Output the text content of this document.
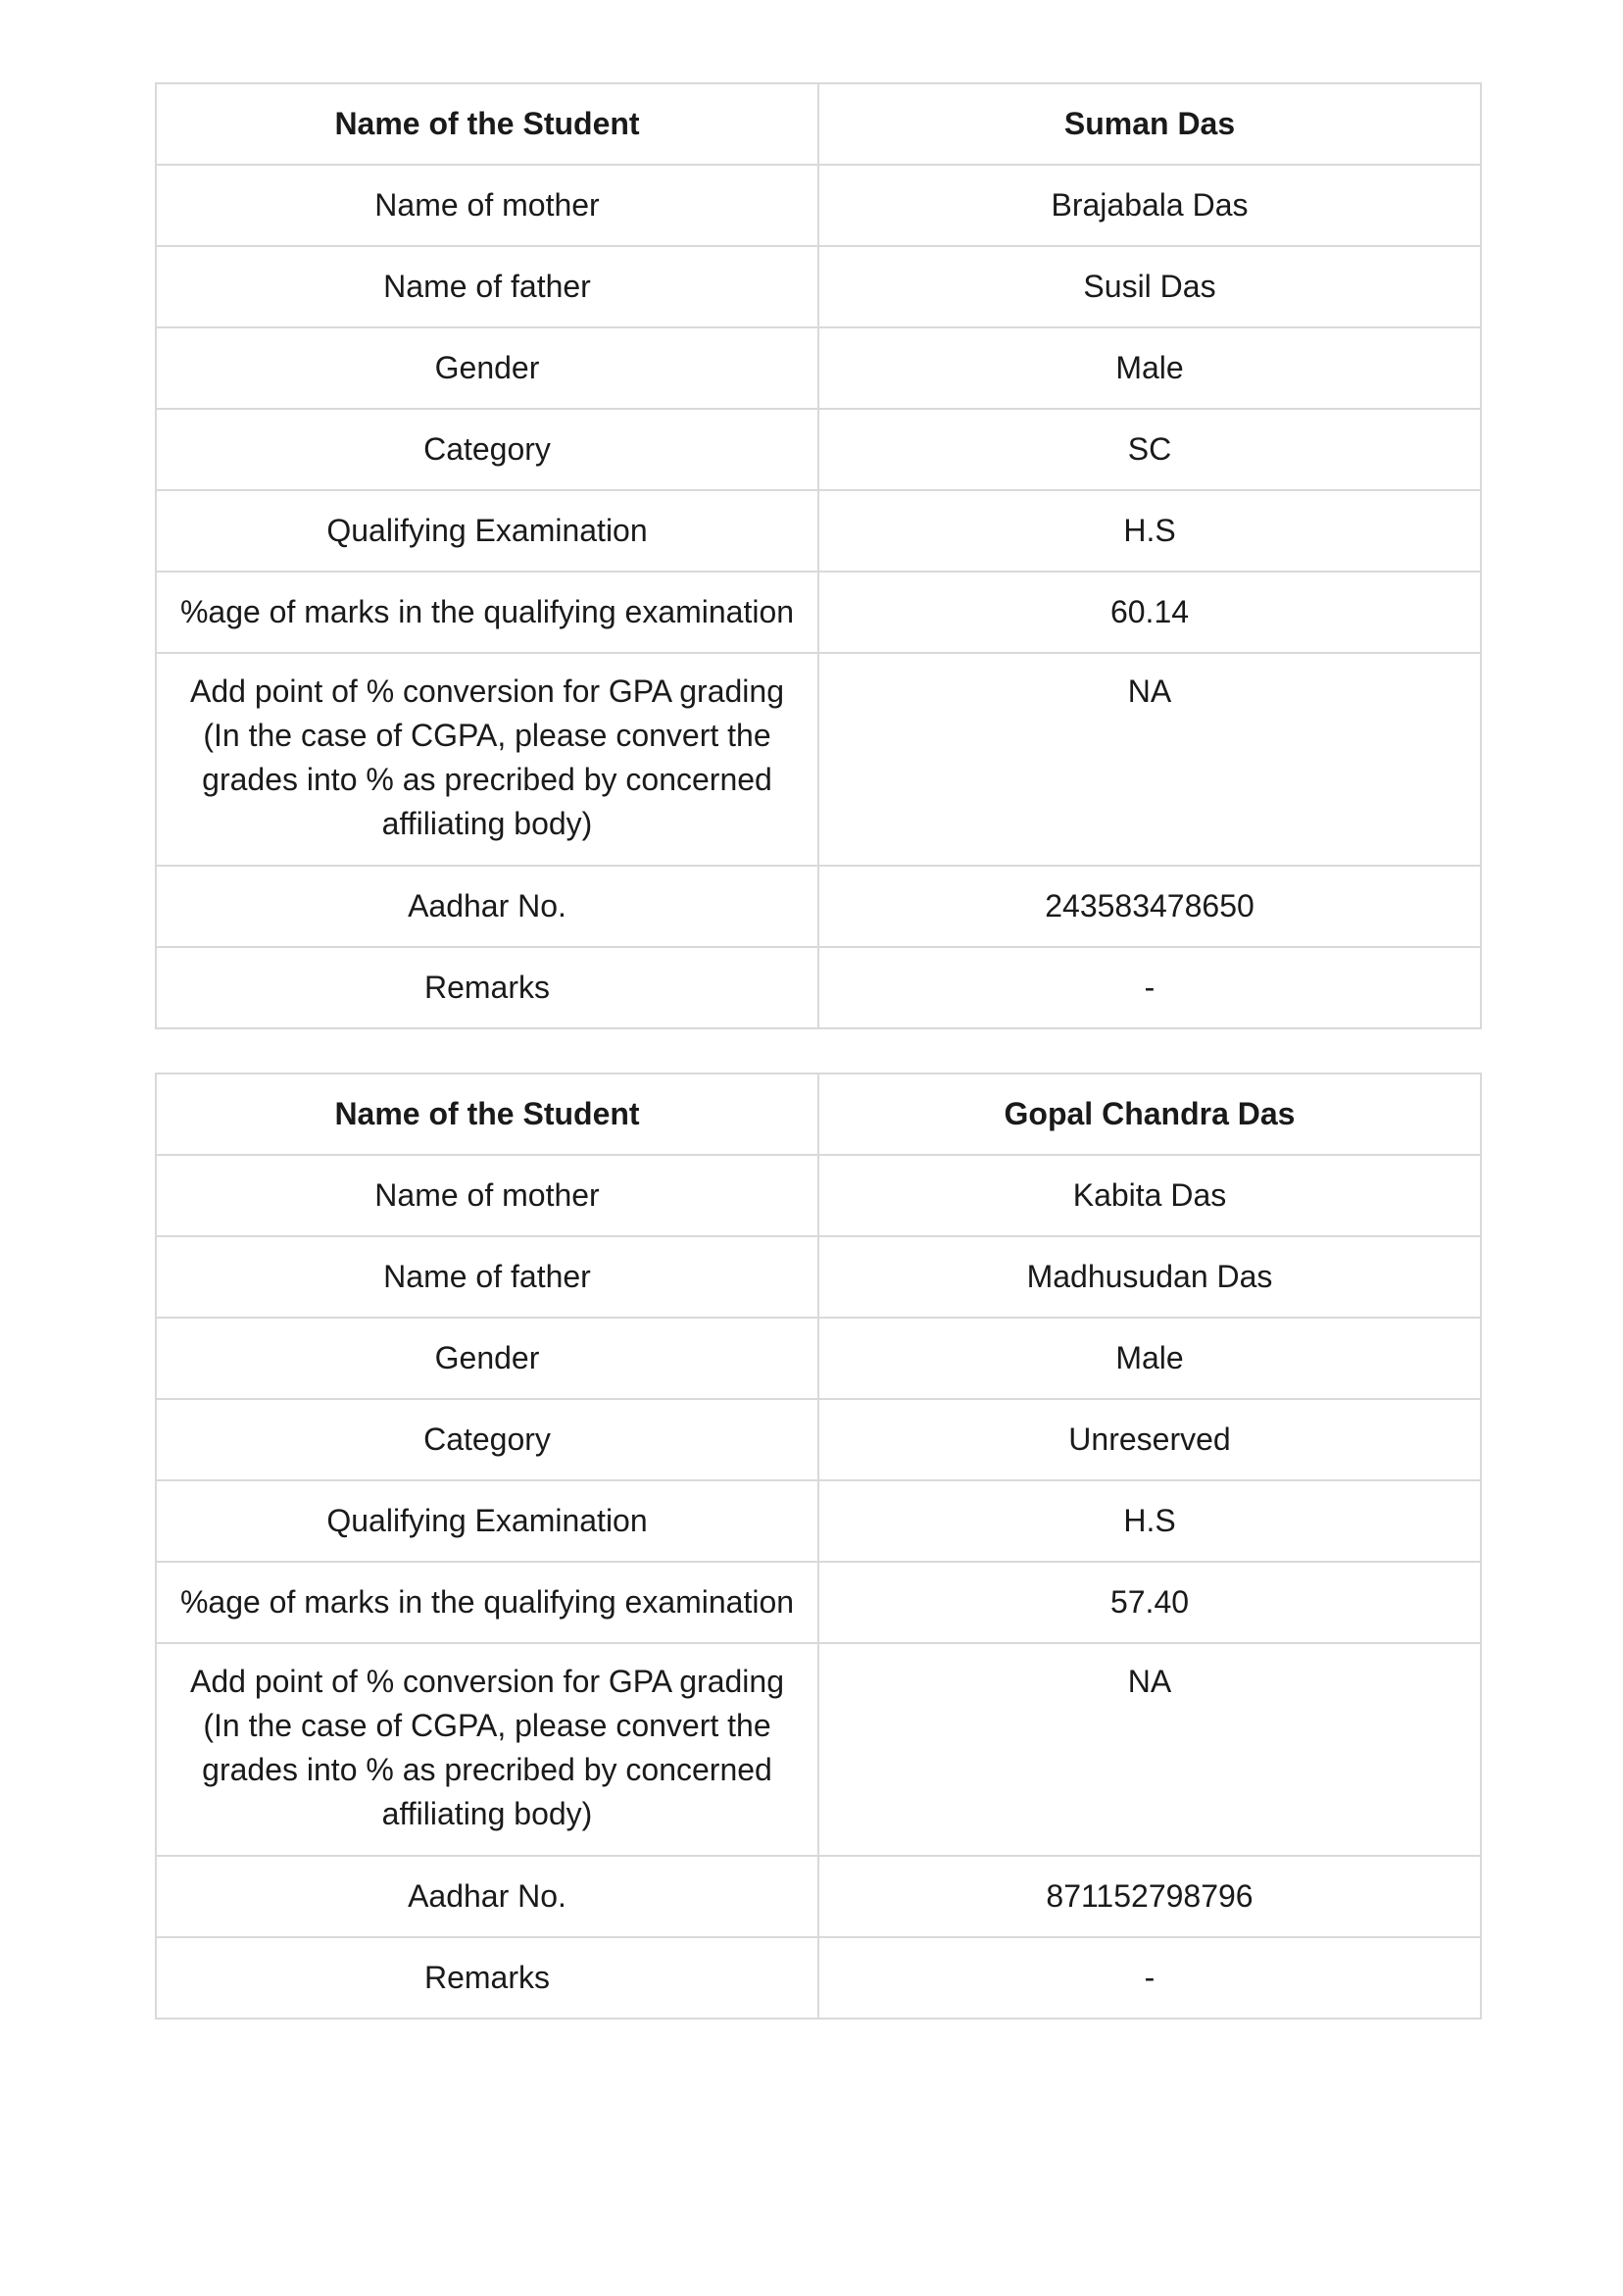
Name of the Student	Suman Das
Name of mother	Brajabala Das
Name of father	Susil Das
Gender	Male
Category	SC
Qualifying Examination	H.S
%age of marks in the qualifying examination	60.14
Add point of % conversion for GPA grading (In the case of CGPA, please convert the grades into % as precribed by concerned affiliating body)	NA
Aadhar No.	243583478650
Remarks	-
Name of the Student	Gopal Chandra Das
Name of mother	Kabita Das
Name of father	Madhusudan Das
Gender	Male
Category	Unreserved
Qualifying Examination	H.S
%age of marks in the qualifying examination	57.40
Add point of % conversion for GPA grading (In the case of CGPA, please convert the grades into % as precribed by concerned affiliating body)	NA
Aadhar No.	871152798796
Remarks	-
